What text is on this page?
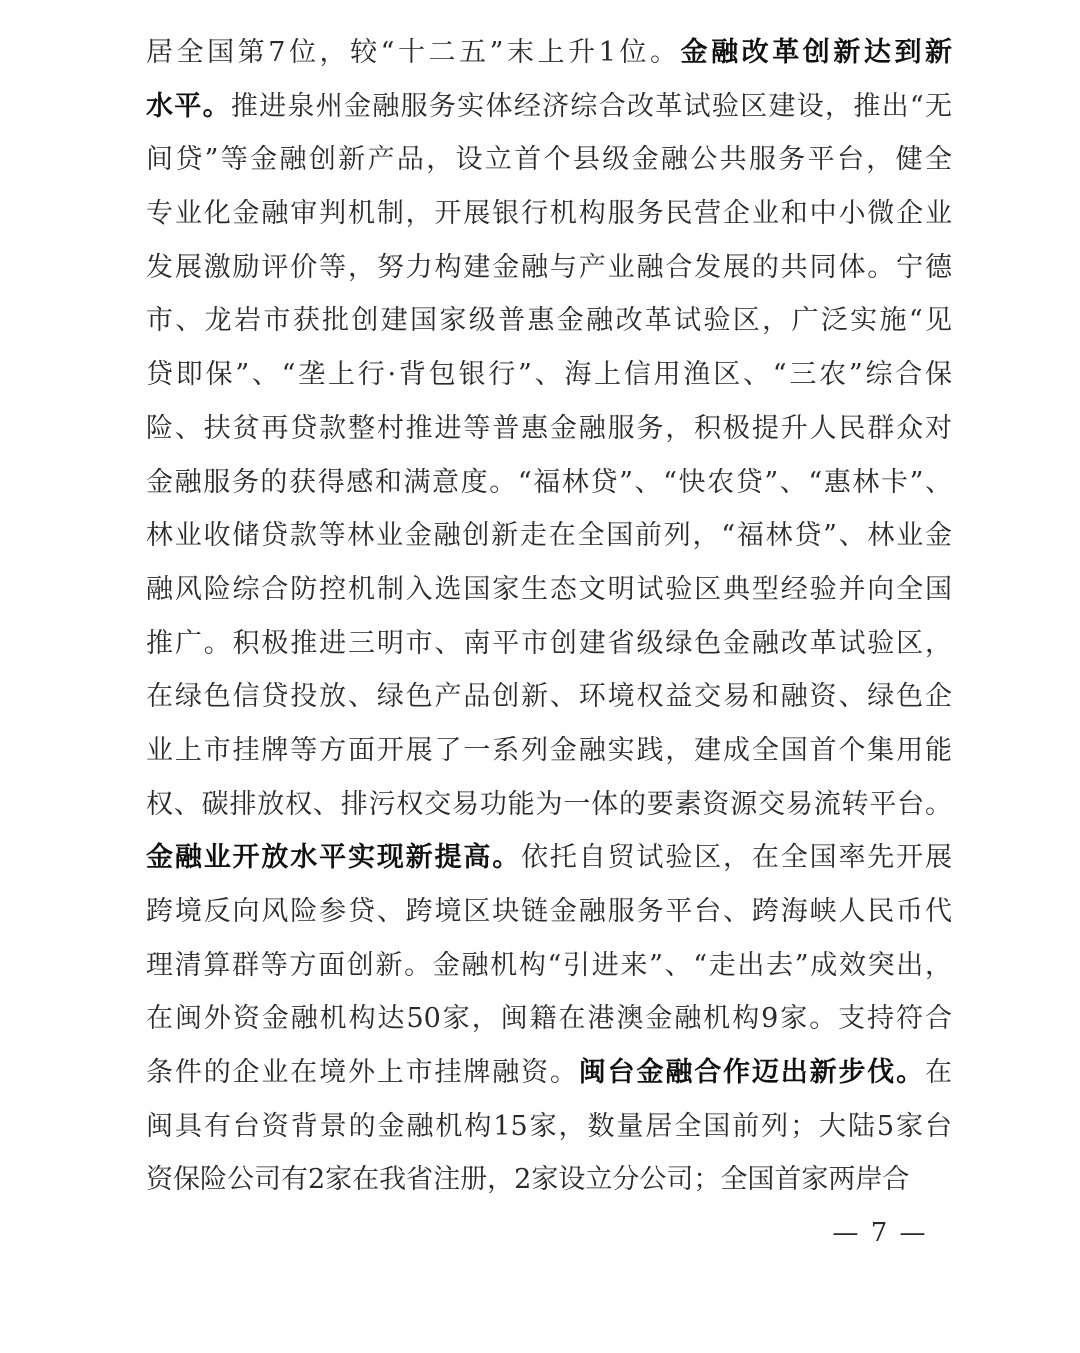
居全国第7位，较“十二五”末上升1位。金融改革创新达到新
水平。推进泉州金融服务实体经济综合改革试验区建设，推出“无
间贷”等金融创新产品，设立首个县级金融公共服务平台，健全
专业化金融审判机制，开展银行机构服务民营企业和中小微企业
发展激励评价等，努力构建金融与产业融合发展的共同体。宁德
市、龙岩市获批创建国家级普惠金融改革试验区，广泛实施“见
贷即保”、“垄上行·背包银行”、海上信用渔区、“三农”综合保
险、扶贫再贷款整村推进等普惠金融服务，积极提升人民群众对
金融服务的获得感和满意度。“福林贷”、“快农贷”、“惠林卡”、
林业收储贷款等林业金融创新走在全国前列，“福林贷”、林业金
融风险综合防控机制入选国家生态文明试验区典型经验并向全国
推广。积极推进三明市、南平市创建省级绿色金融改革试验区，
在绿色信贷投放、绿色产品创新、环境权益交易和融资、绿色企
业上市挂牌等方面开展了一系列金融实践，建成全国首个集用能
权、碳排放权、排污权交易功能为一体的要素资源交易流转平台。
金融业开放水平实现新提高。依托自贸试验区，在全国率先开展
跨境反向风险参贷、跨境区块链金融服务平台、跨海峡人民币代
理清算群等方面创新。金融机构“引进来”、“走出去”成效突出，
在闽外资金融机构达50家，闽籍在港澳金融机构9家。支持符合
条件的企业在境外上市挂牌融资。闽台金融合作迈出新步伐。在
闽具有台资背景的金融机构15家，数量居全国前列；大陆5家台
资保险公司有2家在我省注册，2家设立分公司；全国首家两岸合
— 7 —
